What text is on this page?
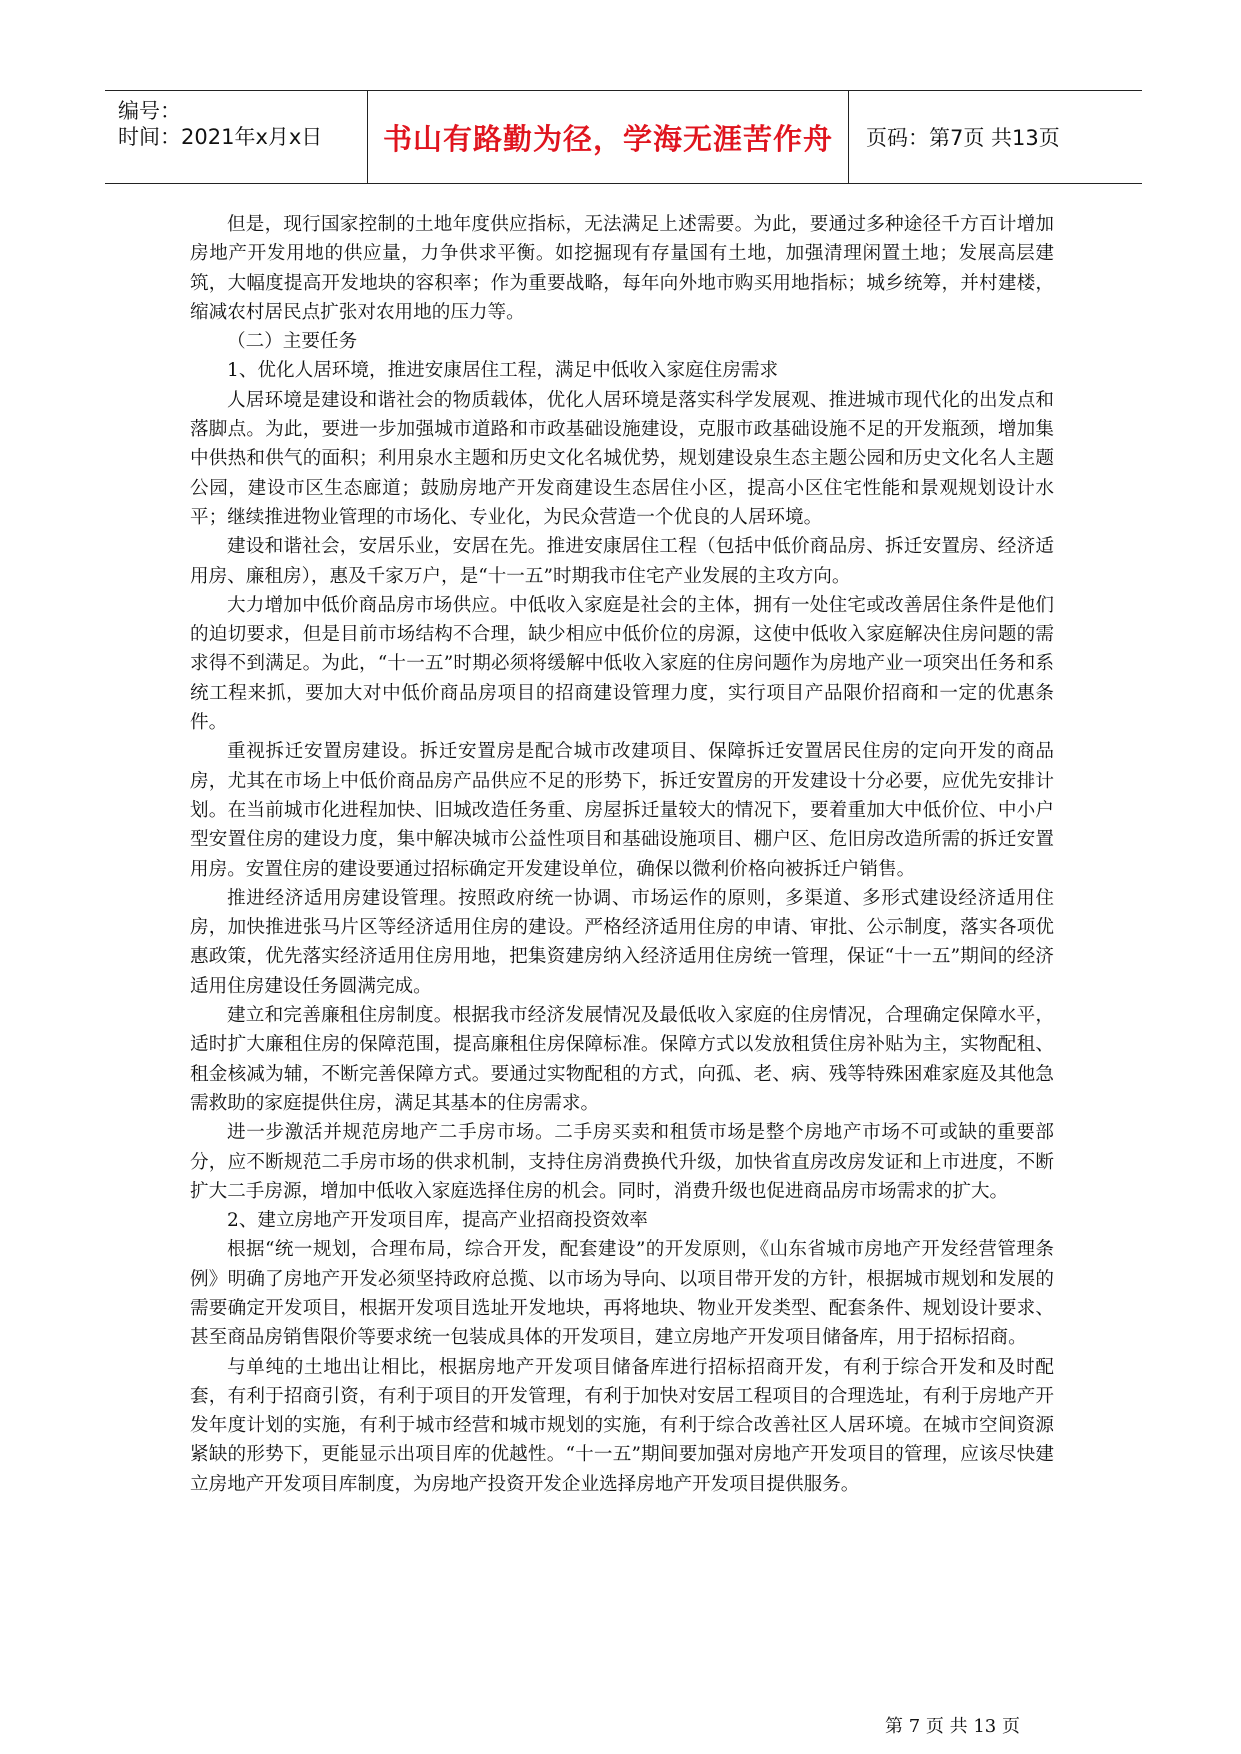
编号：
时间：2021年x月x日 书山有路勤为径，学海无涯苦作舟 页码：第7页 共13页

但是，现行国家控制的土地年度供应指标，无法满足上述需要。为此，要通过多种途径千方百计增加房地产开发用地的供应量，力争供求平衡。如挖掘现有存量国有土地，加强清理闲置土地；发展高层建筑，大幅度提高开发地块的容积率；作为重要战略，每年向外地市购买用地指标；城乡统筹，并村建楼，缩减农村居民点扩张对农用地的压力等。

（二）主要任务

1、优化人居环境，推进安康居住工程，满足中低收入家庭住房需求

人居环境是建设和谐社会的物质载体，优化人居环境是落实科学发展观、推进城市现代化的出发点和落脚点。为此，要进一步加强城市道路和市政基础设施建设，克服市政基础设施不足的开发瓶颈，增加集中供热和供气的面积；利用泉水主题和历史文化名城优势，规划建设泉生态主题公园和历史文化名人主题公园，建设市区生态廊道；鼓励房地产开发商建设生态居住小区，提高小区住宅性能和景观规划设计水平；继续推进物业管理的市场化、专业化，为民众营造一个优良的人居环境。

建设和谐社会，安居乐业，安居在先。推进安康居住工程（包括中低价商品房、拆迁安置房、经济适用房、廉租房），惠及千家万户，是“十一五”时期我市住宅产业发展的主攻方向。

大力增加中低价商品房市场供应。中低收入家庭是社会的主体，拥有一处住宅或改善居住条件是他们的迫切要求，但是目前市场结构不合理，缺少相应中低价位的房源，这使中低收入家庭解决住房问题的需求得不到满足。为此，“十一五”时期必须将缓解中低收入家庭的住房问题作为房地产业一项突出任务和系统工程来抓，要加大对中低价商品房项目的招商建设管理力度，实行项目产品限价招商和一定的优惠条件。

重视拆迁安置房建设。拆迁安置房是配合城市改建项目、保障拆迁安置居民住房的定向开发的商品房，尤其在市场上中低价商品房产品供应不足的形势下，拆迁安置房的开发建设十分必要，应优先安排计划。在当前城市化进程加快、旧城改造任务重、房屋拆迁量较大的情况下，要着重加大中低价位、中小户型安置住房的建设力度，集中解决城市公益性项目和基础设施项目、棚户区、危旧房改造所需的拆迁安置用房。安置住房的建设要通过招标确定开发建设单位，确保以微利价格向被拆迁户销售。

推进经济适用房建设管理。按照政府统一协调、市场运作的原则，多渠道、多形式建设经济适用住房，加快推进张马片区等经济适用住房的建设。严格经济适用住房的申请、审批、公示制度，落实各项优惠政策，优先落实经济适用住房用地，把集资建房纳入经济适用住房统一管理，保证“十一五”期间的经济适用住房建设任务圆满完成。

建立和完善廉租住房制度。根据我市经济发展情况及最低收入家庭的住房情况，合理确定保障水平，适时扩大廉租住房的保障范围，提高廉租住房保障标准。保障方式以发放租赁住房补贴为主，实物配租、租金核减为辅，不断完善保障方式。要通过实物配租的方式，向孤、老、病、残等特殊困难家庭及其他急需救助的家庭提供住房，满足其基本的住房需求。

进一步激活并规范房地产二手房市场。二手房买卖和租赁市场是整个房地产市场不可或缺的重要部分，应不断规范二手房市场的供求机制，支持住房消费换代升级，加快省直房改房发证和上市进度，不断扩大二手房源，增加中低收入家庭选择住房的机会。同时，消费升级也促进商品房市场需求的扩大。

2、建立房地产开发项目库，提高产业招商投资效率

根据“统一规划，合理布局，综合开发，配套建设”的开发原则，《山东省城市房地产开发经营管理条例》明确了房地产开发必须坚持政府总揽、以市场为导向、以项目带开发的方针，根据城市规划和发展的需要确定开发项目，根据开发项目选址开发地块，再将地块、物业开发类型、配套条件、规划设计要求、甚至商品房销售限价等要求统一包装成具体的开发项目，建立房地产开发项目储备库，用于招标招商。

与单纯的土地出让相比，根据房地产开发项目储备库进行招标招商开发，有利于综合开发和及时配套，有利于招商引资，有利于项目的开发管理，有利于加快对安居工程项目的合理选址，有利于房地产开发年度计划的实施，有利于城市经营和城市规划的实施，有利于综合改善社区人居环境。在城市空间资源紧缺的形势下，更能显示出项目库的优越性。“十一五”期间要加强对房地产开发项目的管理，应该尽快建立房地产开发项目库制度，为房地产投资开发企业选择房地产开发项目提供服务。

第 7 页 共 13 页
